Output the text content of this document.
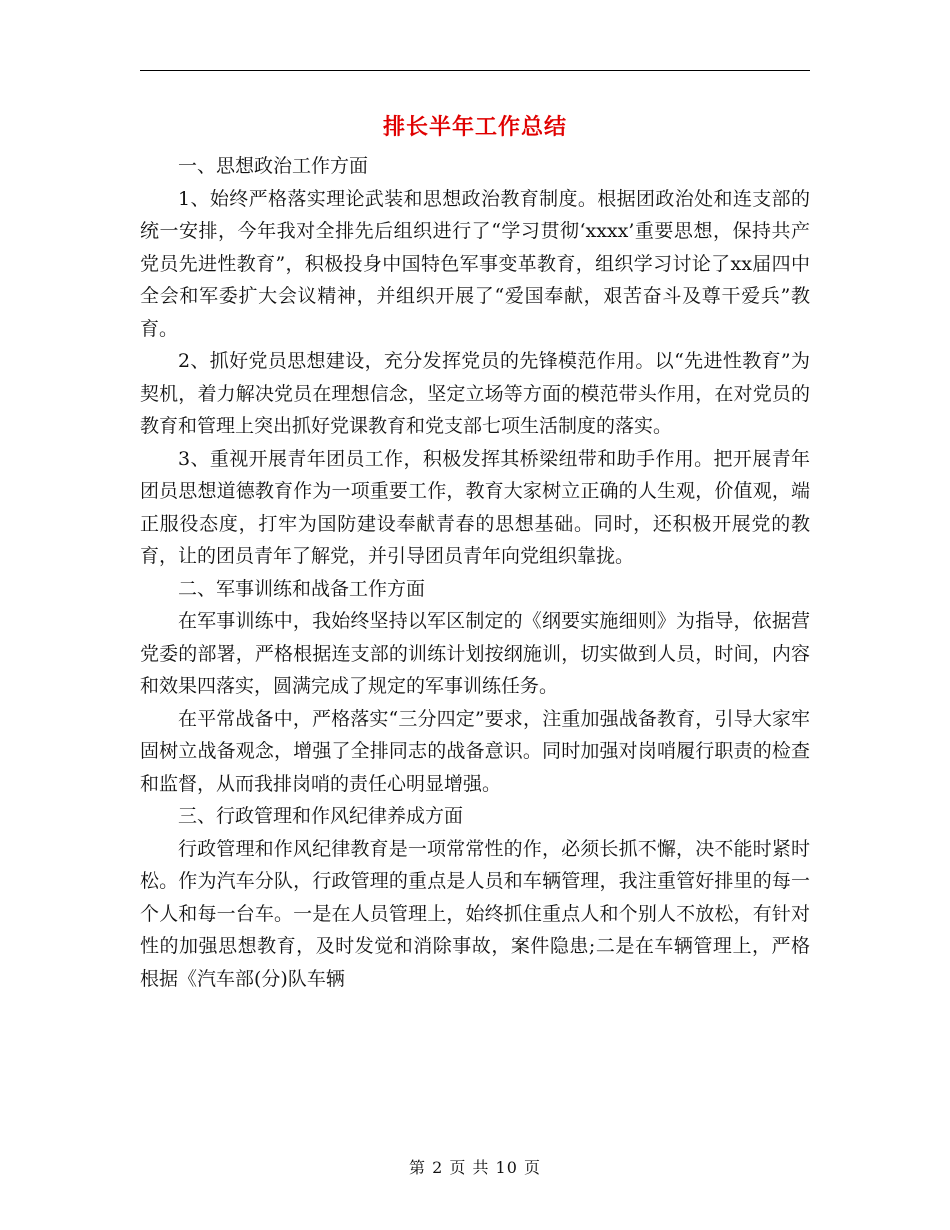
排长半年工作总结

一、思想政治工作方面

1、始终严格落实理论武装和思想政治教育制度。根据团政治处和连支部的统一安排，今年我对全排先后组织进行了“学习贯彻‘xxxx’重要思想，保持共产党员先进性教育”，积极投身中国特色军事变革教育，组织学习讨论了xx届四中全会和军委扩大会议精神，并组织开展了“爱国奉献，艰苦奋斗及尊干爱兵”教育。

2、抓好党员思想建设，充分发挥党员的先锋模范作用。以“先进性教育”为契机，着力解决党员在理想信念，坚定立场等方面的模范带头作用，在对党员的教育和管理上突出抓好党课教育和党支部七项生活制度的落实。

3、重视开展青年团员工作，积极发挥其桥梁纽带和助手作用。把开展青年团员思想道德教育作为一项重要工作，教育大家树立正确的人生观，价值观，端正服役态度，打牢为国防建设奉献青春的思想基础。同时，还积极开展党的教育，让的团员青年了解党，并引导团员青年向党组织靠拢。

二、军事训练和战备工作方面

在军事训练中，我始终坚持以军区制定的《纲要实施细则》为指导，依据营党委的部署，严格根据连支部的训练计划按纲施训，切实做到人员，时间，内容和效果四落实，圆满完成了规定的军事训练任务。

在平常战备中，严格落实“三分四定”要求，注重加强战备教育，引导大家牢固树立战备观念，增强了全排同志的战备意识。同时加强对岗哨履行职责的检查和监督，从而我排岗哨的责任心明显增强。

三、行政管理和作风纪律养成方面

行政管理和作风纪律教育是一项常常性的作，必须长抓不懈，决不能时紧时松。作为汽车分队，行政管理的重点是人员和车辆管理，我注重管好排里的每一个人和每一台车。一是在人员管理上，始终抓住重点人和个别人不放松，有针对性的加强思想教育，及时发觉和消除事故，案件隐患;二是在车辆管理上，严格根据《汽车部(分)队车辆

第 2 页 共 10 页
